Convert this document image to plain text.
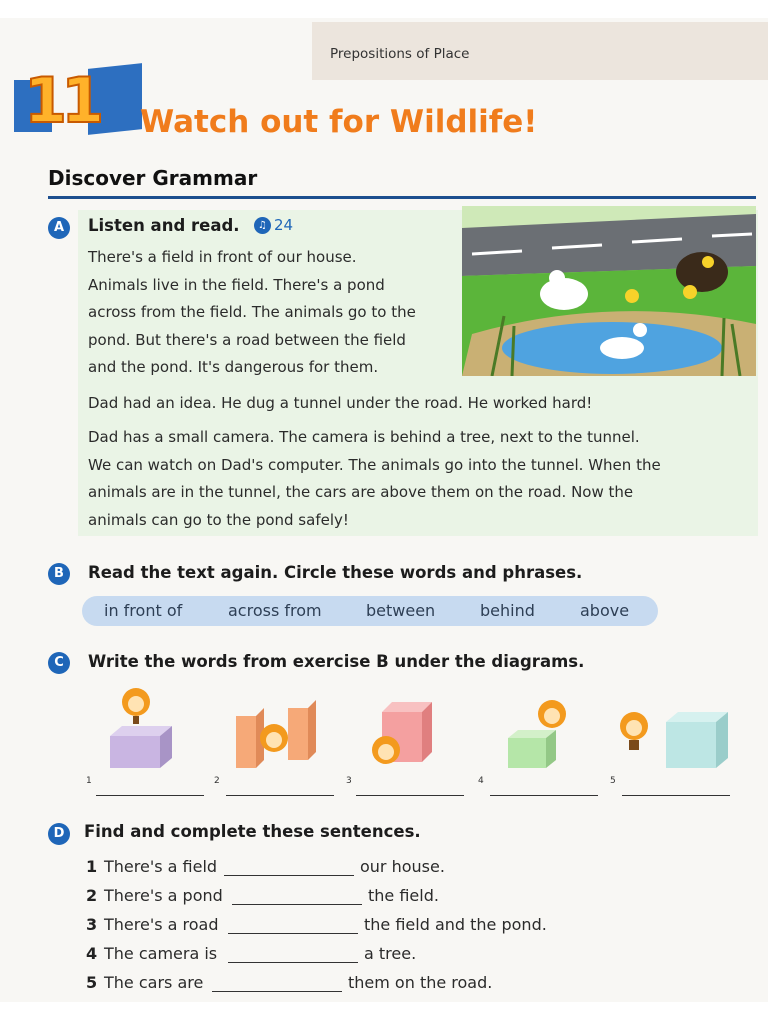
Prepositions of Place
11 Watch out for Wildlife!
Discover Grammar
A	Listen and read.	♫ 24
There's a field in front of our house.
Animals live in the field. There's a pond
across from the field. The animals go to the
pond. But there's a road between the field
and the pond. It's dangerous for them.
Dad had an idea. He dug a tunnel under the road. He worked hard!
Dad has a small camera. The camera is behind a tree, next to the tunnel.
We can watch on Dad's computer. The animals go into the tunnel. When the
animals are in the tunnel, the cars are above them on the road. Now the
animals can go to the pond safely!
B	Read the text again. Circle these words and phrases.
in front of	across from	between	behind	above
C	Write the words from exercise B under the diagrams.
1	2	3	4	5
D	Find and complete these sentences.
1 There's a field	our house.
2 There's a pond	the field.
3 There's a road	the field and the pond.
4 The camera is	a tree.
5 The cars are	them on the road.
